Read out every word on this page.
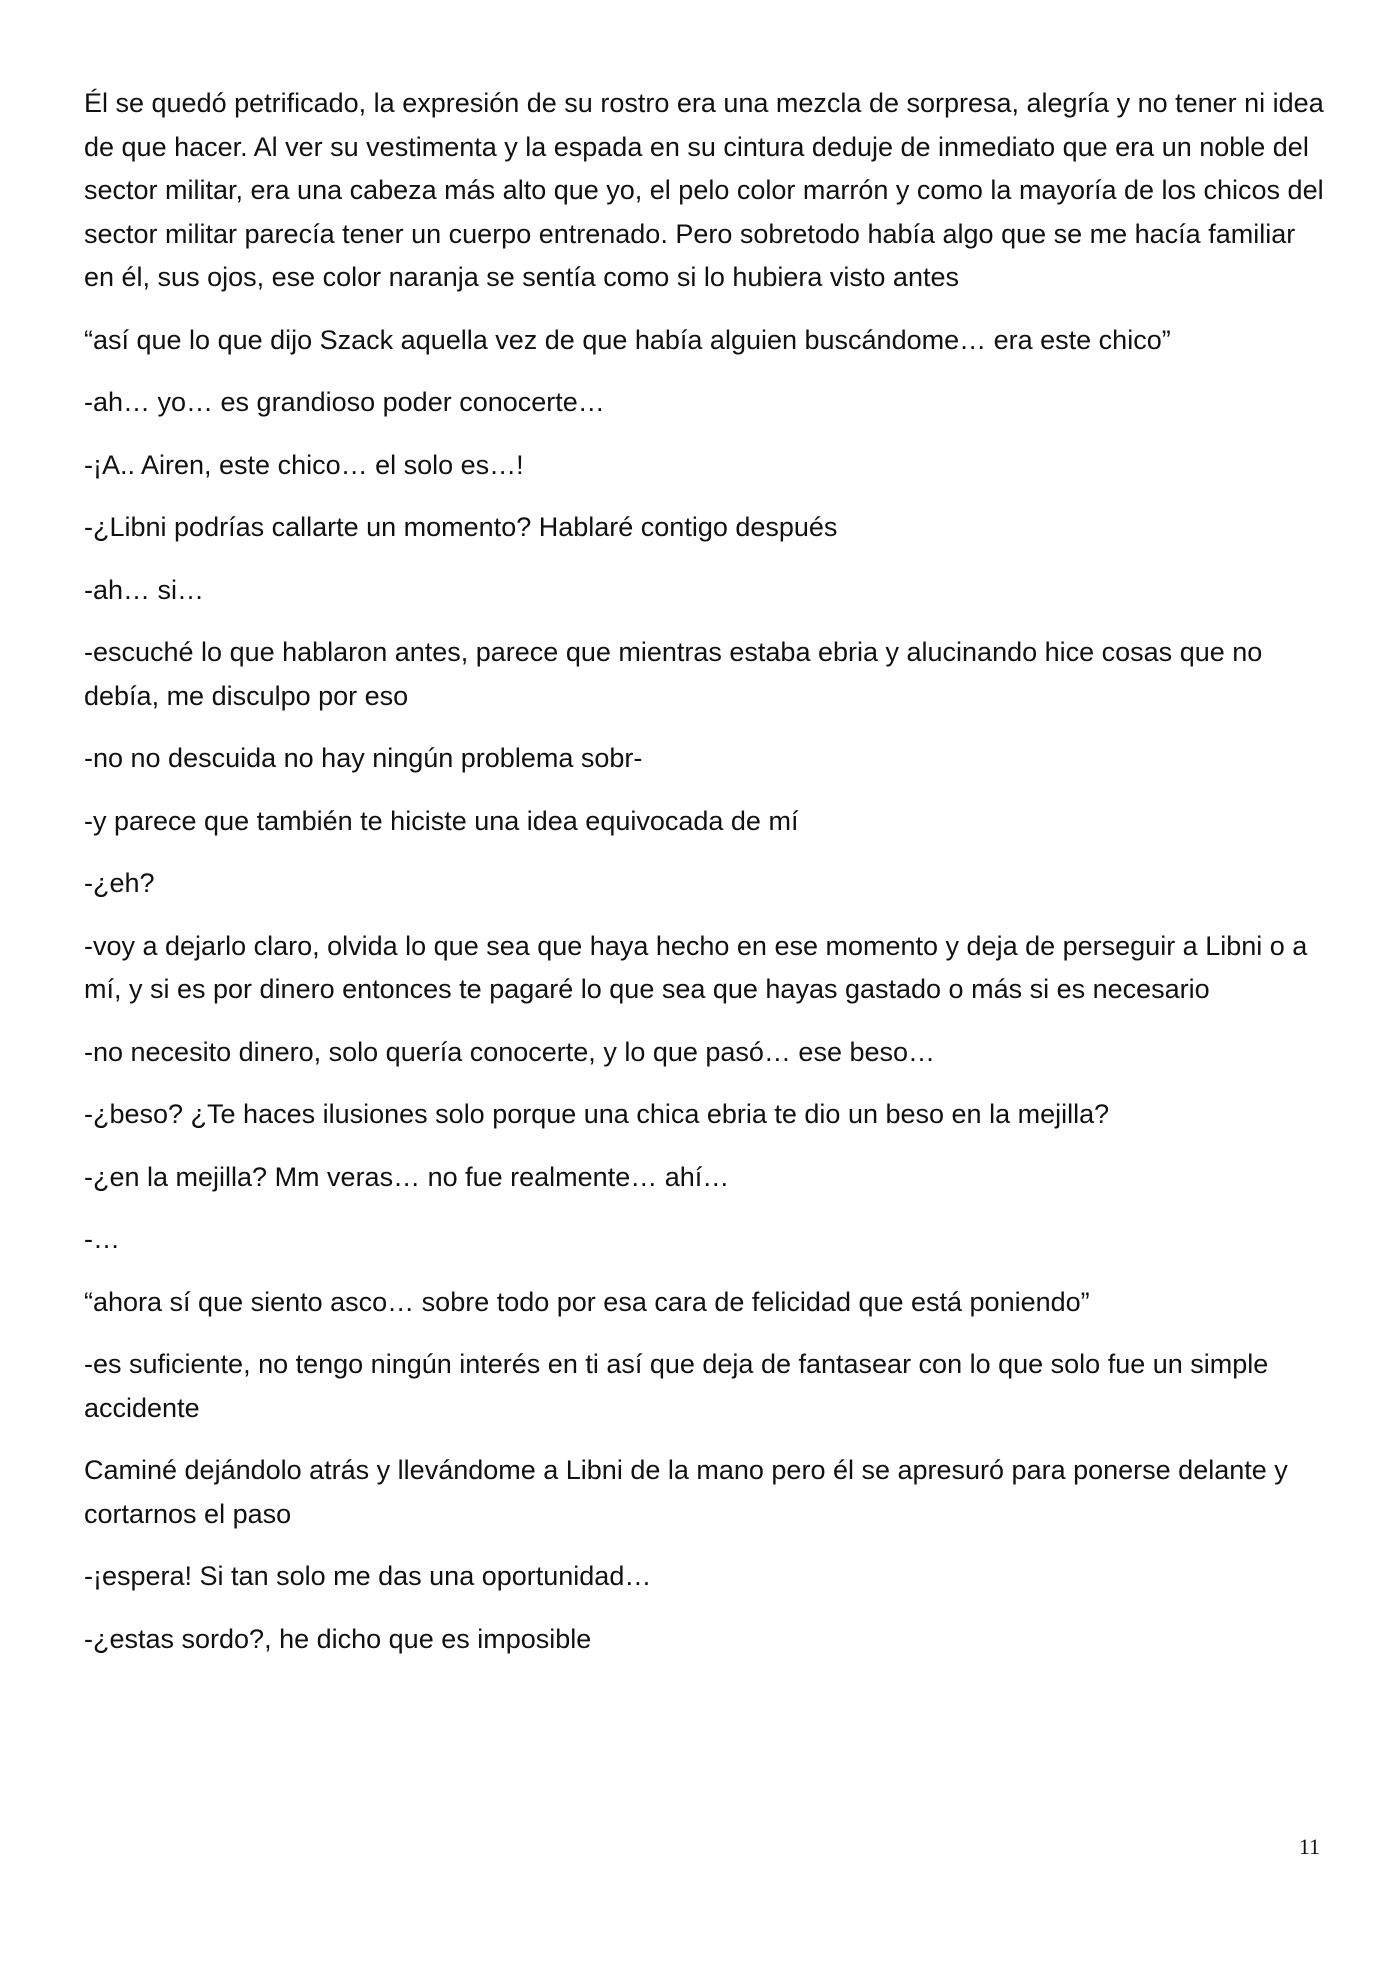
Él se quedó petrificado, la expresión de su rostro era una mezcla de sorpresa, alegría y no tener ni idea de que hacer. Al ver su vestimenta y la espada en su cintura deduje de inmediato que era un noble del sector militar, era una cabeza más alto que yo, el pelo color marrón y como la mayoría de los chicos del sector militar parecía tener un cuerpo entrenado. Pero sobretodo había algo que se me hacía familiar en él, sus ojos, ese color naranja se sentía como si lo hubiera visto antes

“así que lo que dijo Szack aquella vez de que había alguien buscándome… era este chico”

-ah… yo… es grandioso poder conocerte…

-¡A.. Airen, este chico… el solo es…!

-¿Libni podrías callarte un momento? Hablaré contigo después

-ah… si…

-escuché lo que hablaron antes, parece que mientras estaba ebria y alucinando hice cosas que no debía, me disculpo por eso

-no no descuida no hay ningún problema sobr-

-y parece que también te hiciste una idea equivocada de mí

-¿eh?

-voy a dejarlo claro, olvida lo que sea que haya hecho en ese momento y deja de perseguir a Libni o a mí, y si es por dinero entonces te pagaré lo que sea que hayas gastado o más si es necesario

-no necesito dinero, solo quería conocerte, y lo que pasó… ese beso…

-¿beso? ¿Te haces ilusiones solo porque una chica ebria te dio un beso en la mejilla?

-¿en la mejilla? Mm veras… no fue realmente… ahí…

-…

“ahora sí que siento asco… sobre todo por esa cara de felicidad que está poniendo”

-es suficiente, no tengo ningún interés en ti así que deja de fantasear con lo que solo fue un simple accidente

Caminé dejándolo atrás y llevándome a Libni de la mano pero él se apresuró para ponerse delante y cortarnos el paso

-¡espera! Si tan solo me das una oportunidad…

-¿estas sordo?, he dicho que es imposible

11
